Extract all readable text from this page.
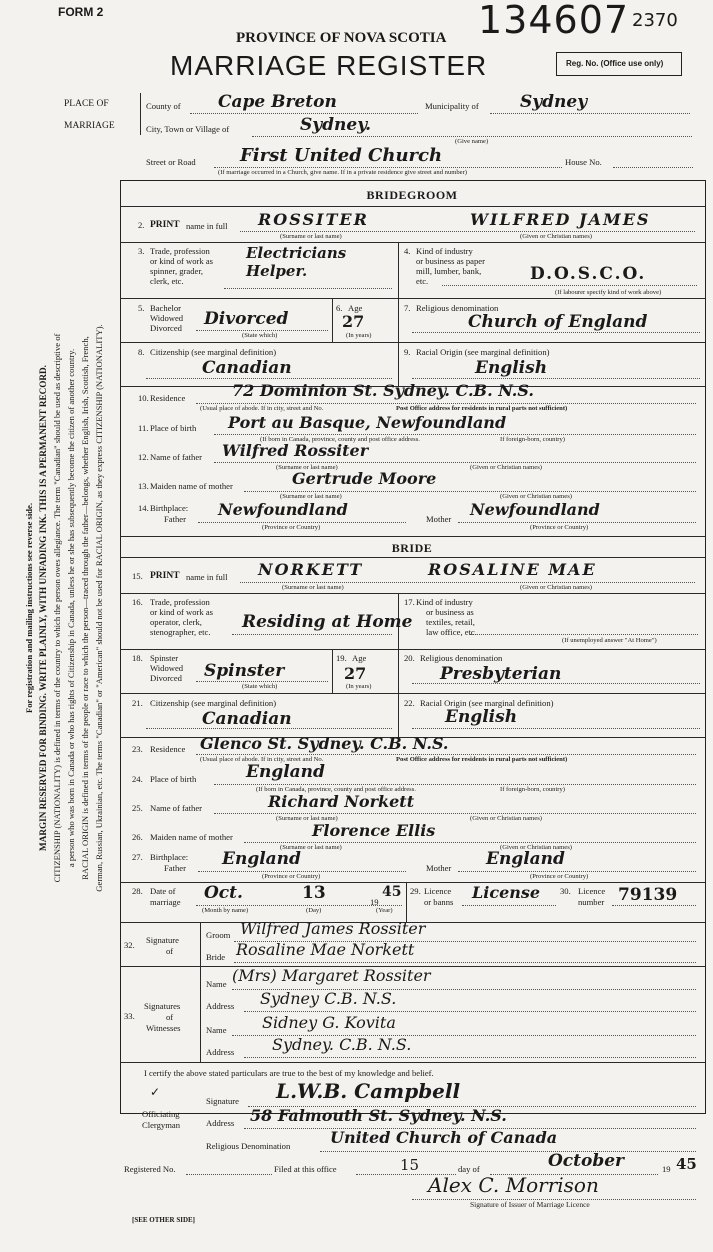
FORM 2	134607 2370
PROVINCE OF NOVA SCOTIA
MARRIAGE REGISTER	Reg. No. (Office use only)
PLACE OF
MARRIAGE
County of Cape Breton	Municipality of Sydney
City, Town or Village of	Sydney.
(Give name)
Street or Road First United Church	House No.
(If marriage occurred in a Church, give name. If in a private residence give street and number)
For registration and mailing instructions see reverse side. MARGIN RESERVED FOR BINDING. WRITE PLAINLY, WITH UNFADING INK. THIS IS A PERMANENT RECORD. CITIZENSHIP (NATIONALITY) is defined in terms of the country to which the person owes allegiance. The term "Canadian" should be used as descriptive of a person who was born in Canada or who has rights of Citizenship in Canada, unless he or she has subsequently become the citizen of another country. RACIAL ORIGIN is defined in terms of the people or race to which the person—traced through the father—belongs, whether English, Irish, Scottish, French, German, Russian, Ukrainian, etc. The terms "Canadian" or "American" should not be used for RACIAL ORIGIN, as they express CITIZENSHIP (NATIONALITY).
BRIDEGROOM
2. PRINT name in full ROSSITER	WILFRED JAMES
(Surname or last name)	(Given or Christian names)
3. Trade, profession
or kind of work as
spinner, grader,
clerk, etc.
Electricians
Helper.
4. Kind of industry
or business as paper
mill, lumber, bank,
etc.	D.O.S.C.O.
(If labourer specify kind of work above)
5. Bachelor
Widowed
Divorced Divorced
(State which)
6. Age
27
(In years)
7. Religious denomination
Church of England
8. Citizenship (see marginal definition)
Canadian
9. Racial Origin (see marginal definition)
English
10. Residence	72 Dominion St. Sydney. C.B. N.S.
(Usual place of abode. If in city, street and No.	Post Office address for residents in rural parts not sufficient)
11. Place of birth Port au Basque, Newfoundland
(If born in Canada, province, county and post office address.	If foreign-born, country)
12. Name of father Wilfred Rossiter
(Surname or last name)	(Given or Christian names)
13. Maiden name of mother	Gertrude Moore
(Surname or last name)	(Given or Christian names)
14. Birthplace:
Father Newfoundland	Mother Newfoundland
(Province or Country)	(Province or Country)
BRIDE
15. PRINT name in full NORKETT	ROSALINE MAE
(Surname or last name)	(Given or Christian names)
16. Trade, profession
or kind of work as
operator, clerk,
stenographer, etc. Residing at Home
17. Kind of industry
or business as
textiles, retail,
law office, etc.
(If unemployed answer "At Home")
18. Spinster
Widowed
Divorced Spinster
(State which)
19. Age
27
(In years)
20. Religious denomination
Presbyterian
21. Citizenship (see marginal definition)
Canadian
22. Racial Origin (see marginal definition)
English
23. Residence Glenco St. Sydney. C.B. N.S.
(Usual place of abode. If in city, street and No.	Post Office address for residents in rural parts not sufficient)
24. Place of birth	England
(If born in Canada, province, county and post office address.	If foreign-born, country)
25. Name of father	Richard Norkett
(Surname or last name)	(Given or Christian names)
26. Maiden name of mother	Florence Ellis
(Surname or last name)	(Given or Christian names)
27. Birthplace:
Father England	Mother England
(Province or Country)	(Province or Country)
28. Date of
marriage Oct.	13	19
45
(Month by name)	(Day)	(Year)
29. Licence
or banns License 30. Licence
number 79139
32. Signature
of
Groom Wilfred James Rossiter
Bride Rosaline Mae Norkett
33.
Signatures
of
Witnesses
Name (Mrs) Margaret Rossiter
Address Sydney C.B. N.S.
Name Sidney G. Kovita
Address Sydney. C.B. N.S.
I certify the above stated particulars are true to the best of my knowledge and belief.
✓
Officiating
Clergyman
Signature L.W.B. Campbell
Address 58 Falmouth St. Sydney. N.S.
Religious Denomination United Church of Canada
Registered No.	Filed at this office	15	day of	October	19 45
Alex C. Morrison
Signature of Issuer of Marriage Licence
[SEE OTHER SIDE]
